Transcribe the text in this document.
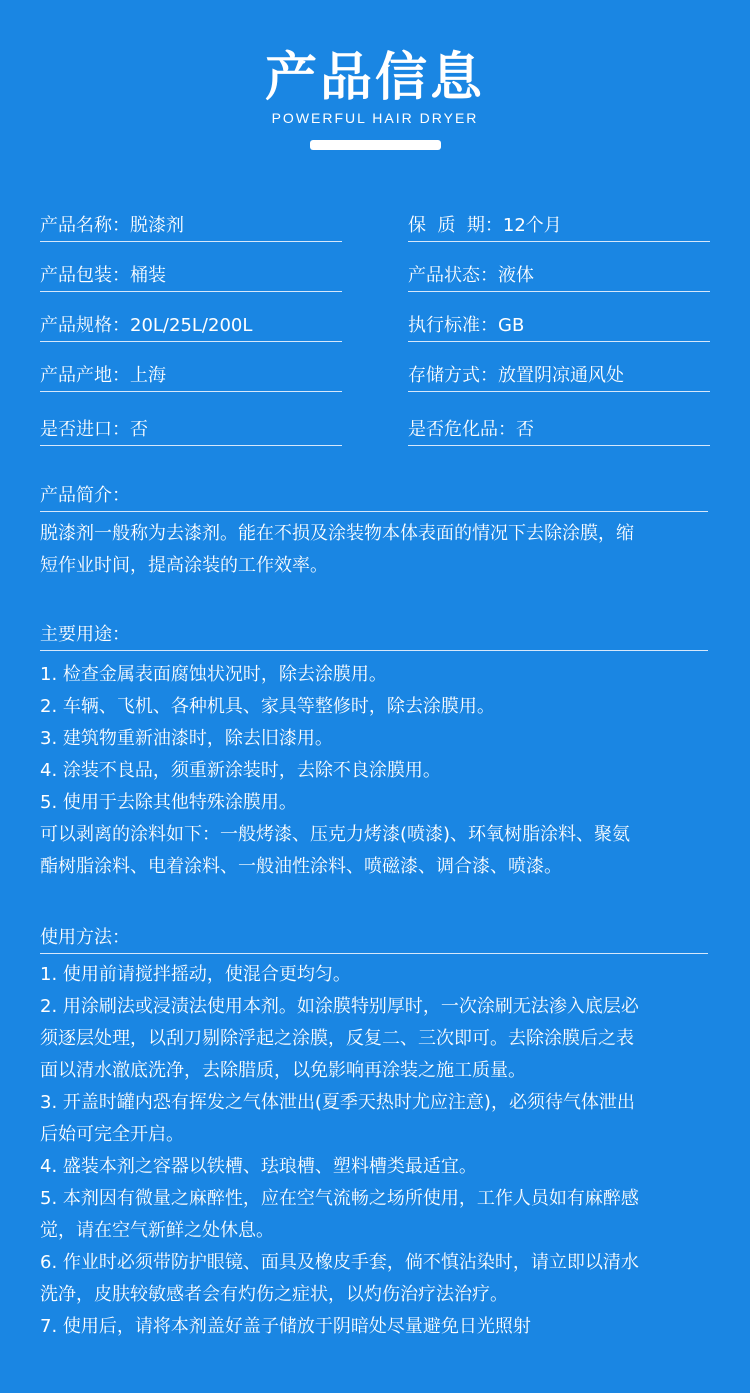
产品信息
POWERFUL HAIR DRYER
产品名称：脱漆剂	保  质  期：12个月
产品包装：桶装	产品状态：液体
产品规格：20L/25L/200L	执行标准：GB
产品产地：上海	存储方式：放置阴凉通风处
是否进口：否	是否危化品：否
产品简介：

脱漆剂一般称为去漆剂。能在不损及涂装物本体表面的情况下去除涂膜，缩

短作业时间，提高涂装的工作效率。

主要用途：

1. 检查金属表面腐蚀状况时，除去涂膜用。

2. 车辆、飞机、各种机具、家具等整修时，除去涂膜用。

3. 建筑物重新油漆时，除去旧漆用。

4. 涂装不良品，须重新涂装时，去除不良涂膜用。

5. 使用于去除其他特殊涂膜用。

可以剥离的涂料如下：一般烤漆、压克力烤漆(喷漆)、环氧树脂涂料、聚氨

酯树脂涂料、电着涂料、一般油性涂料、喷磁漆、调合漆、喷漆。

使用方法：

1. 使用前请搅拌摇动，使混合更均匀。

2. 用涂刷法或浸渍法使用本剂。如涂膜特别厚时，一次涂刷无法渗入底层必

须逐层处理，以刮刀剔除浮起之涂膜，反复二、三次即可。去除涂膜后之表

面以清水澈底洗净，去除腊质，以免影响再涂装之施工质量。

3. 开盖时罐内恐有挥发之气体泄出(夏季天热时尤应注意)，必须待气体泄出

后始可完全开启。

4. 盛装本剂之容器以铁槽、珐琅槽、塑料槽类最适宜。

5. 本剂因有微量之麻醉性，应在空气流畅之场所使用，工作人员如有麻醉感

觉，请在空气新鲜之处休息。

6. 作业时必须带防护眼镜、面具及橡皮手套，倘不慎沾染时，请立即以清水

洗净，皮肤较敏感者会有灼伤之症状，以灼伤治疗法治疗。

7. 使用后，请将本剂盖好盖子储放于阴暗处尽量避免日光照射
